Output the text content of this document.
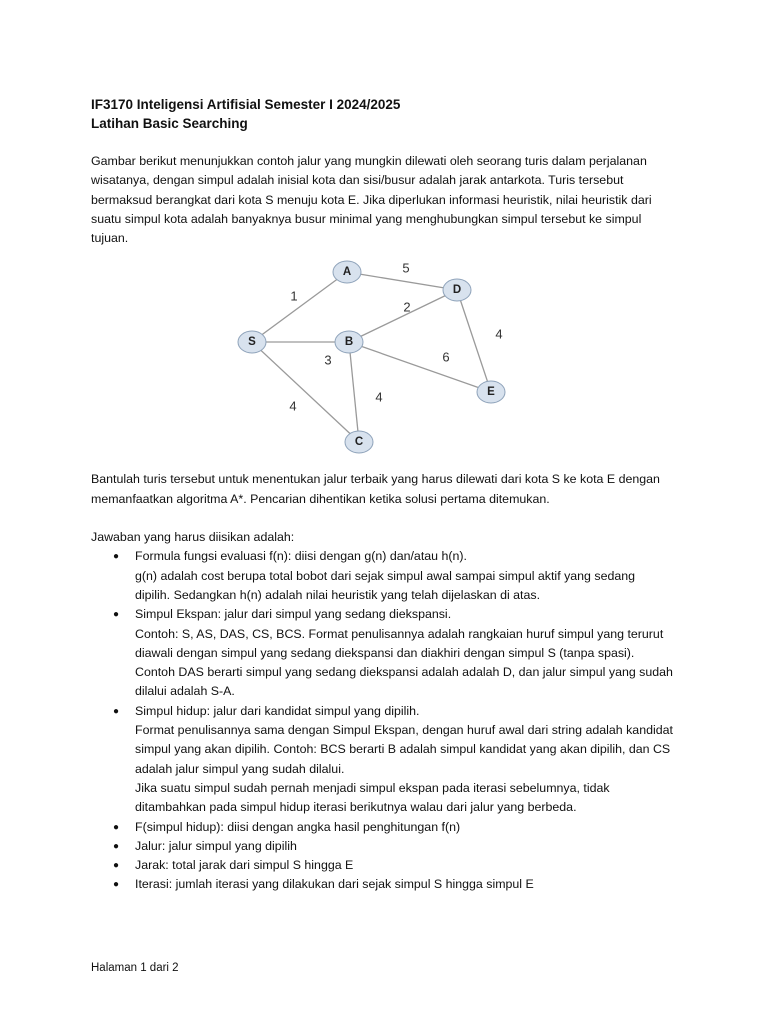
IF3170 Inteligensi Artifisial Semester I 2024/2025

Latihan Basic Searching

Gambar berikut menunjukkan contoh jalur yang mungkin dilewati oleh seorang turis dalam perjalanan

wisatanya, dengan simpul adalah inisial kota dan sisi/busur adalah jarak antarkota. Turis tersebut

bermaksud berangkat dari kota S menuju kota E. Jika diperlukan informasi heuristik, nilai heuristik dari

suatu simpul kota adalah banyaknya busur minimal yang menghubungkan simpul tersebut ke simpul

tujuan.

1
5
2
3	6
4
4
4
S
A
B
C
D
E

Bantulah turis tersebut untuk menentukan jalur terbaik yang harus dilewati dari kota S ke kota E dengan

memanfaatkan algoritma A*. Pencarian dihentikan ketika solusi pertama ditemukan.

Jawaban yang harus diisikan adalah:

● Formula fungsi evaluasi f(n): diisi dengan g(n) dan/atau h(n).
g(n) adalah cost berupa total bobot dari sejak simpul awal sampai simpul aktif yang sedang
dipilih. Sedangkan h(n) adalah nilai heuristik yang telah dijelaskan di atas.
● Simpul Ekspan: jalur dari simpul yang sedang diekspansi.
Contoh: S, AS, DAS, CS, BCS. Format penulisannya adalah rangkaian huruf simpul yang terurut
diawali dengan simpul yang sedang diekspansi dan diakhiri dengan simpul S (tanpa spasi).
Contoh DAS berarti simpul yang sedang diekspansi adalah adalah D, dan jalur simpul yang sudah
dilalui adalah S-A.
● Simpul hidup: jalur dari kandidat simpul yang dipilih.
Format penulisannya sama dengan Simpul Ekspan, dengan huruf awal dari string adalah kandidat
simpul yang akan dipilih. Contoh: BCS berarti B adalah simpul kandidat yang akan dipilih, dan CS
adalah jalur simpul yang sudah dilalui.
Jika suatu simpul sudah pernah menjadi simpul ekspan pada iterasi sebelumnya, tidak
ditambahkan pada simpul hidup iterasi berikutnya walau dari jalur yang berbeda.
● F(simpul hidup): diisi dengan angka hasil penghitungan f(n)
● Jalur: jalur simpul yang dipilih
● Jarak: total jarak dari simpul S hingga E
● Iterasi: jumlah iterasi yang dilakukan dari sejak simpul S hingga simpul E
Halaman 1 dari 2
